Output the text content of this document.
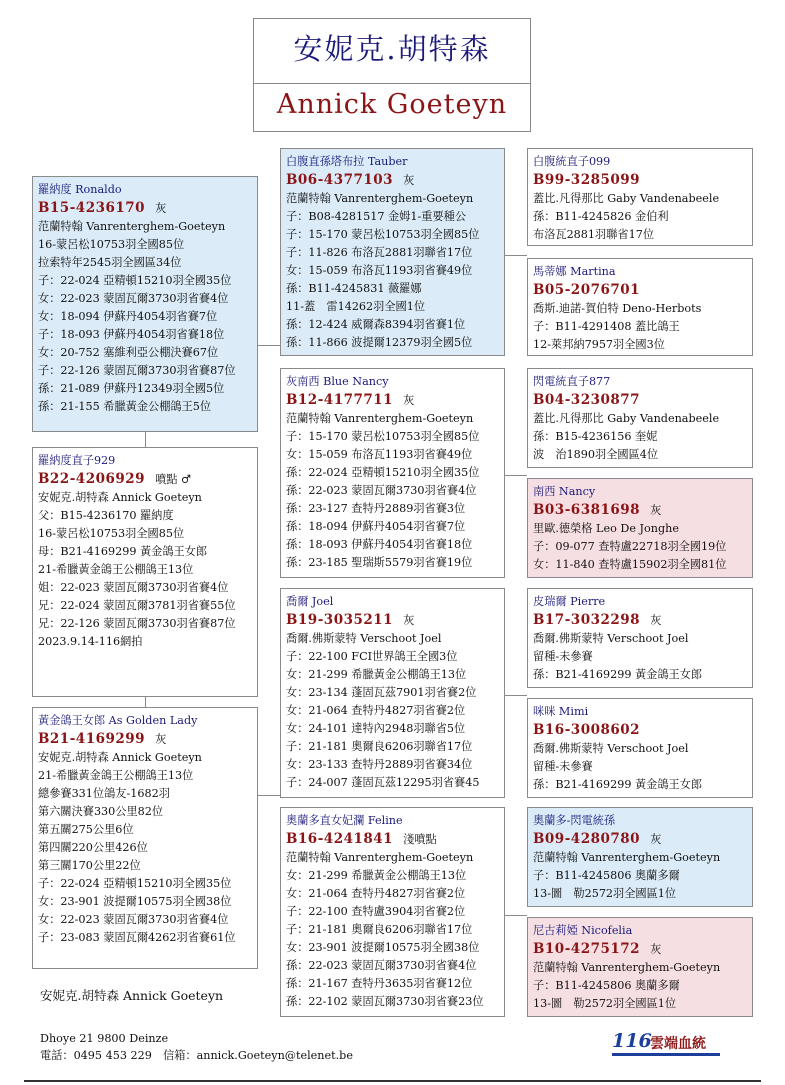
安妮克.胡特森
Annick Goeteyn
羅納度 Ronaldo
B15-4236170 灰
范蘭特翰 Vanrenterghem-Goeteyn
16-蒙呂松10753羽全國85位
拉索特年2545羽全國區34位
子：22-024 亞精頓15210羽全國35位
女：22-023 蒙固瓦爾3730羽省賽4位
女：18-094 伊蘇丹4054羽省賽7位
子：18-093 伊蘇丹4054羽省賽18位
女：20-752 塞維利亞公棚決賽67位
子：22-126 蒙固瓦爾3730羽省賽87位
孫：21-089 伊蘇丹12349羽全國5位
孫：21-155 希臘黃金公棚鴿王5位
羅納度直子929
B22-4206929 噴點 ♂
安妮克.胡特森 Annick Goeteyn
父：B15-4236170 羅納度
16-蒙呂松10753羽全國85位
母：B21-4169299 黃金鴿王女郎
21-希臘黃金鴿王公棚鴿王13位
姐：22-023 蒙固瓦爾3730羽省賽4位
兄：22-024 蒙固瓦爾3781羽省賽55位
兄：22-126 蒙固瓦爾3730羽省賽87位
2023.9.14-116網拍
黃金鴿王女郎 As Golden Lady
B21-4169299 灰
安妮克.胡特森 Annick Goeteyn
21-希臘黃金鴿王公棚鴿王13位
總參賽331位鴿友-1682羽
第六關決賽330公里82位
第五關275公里6位
第四關220公里426位
第三關170公里22位
子：22-024 亞精頓15210羽全國35位
女：23-901 波提爾10575羽全國38位
女：22-023 蒙固瓦爾3730羽省賽4位
子：23-083 蒙固瓦爾4262羽省賽61位
白腹直孫塔布拉 Tauber
B06-4377103 灰
范蘭特翰 Vanrenterghem-Goeteyn
子：B08-4281517 金姆1-重要種公
子：15-170 蒙呂松10753羽全國85位
子：11-826 布洛瓦2881羽聯省17位
女：15-059 布洛瓦1193羽省賽49位
孫：B11-4245831 薇羅娜
11-蓋　雷14262羽全國1位
孫：12-424 威爾森8394羽省賽1位
孫：11-866 波提爾12379羽全國5位
灰南西 Blue Nancy
B12-4177711 灰
范蘭特翰 Vanrenterghem-Goeteyn
子：15-170 蒙呂松10753羽全國85位
女：15-059 布洛瓦1193羽省賽49位
孫：22-024 亞精頓15210羽全國35位
孫：22-023 蒙固瓦爾3730羽省賽4位
孫：23-127 查特丹2889羽省賽3位
孫：18-094 伊蘇丹4054羽省賽7位
孫：18-093 伊蘇丹4054羽省賽18位
孫：23-185 聖瑞斯5579羽省賽19位
喬爾 Joel
B19-3035211 灰
喬爾.佛斯蒙特 Verschoot Joel
子：22-100 FCI世界鴿王全國3位
女：21-299 希臘黃金公棚鴿王13位
女：23-134 蓬固瓦茲7901羽省賽2位
女：21-064 查特丹4827羽省賽2位
女：24-101 達特內2948羽聯省5位
子：21-181 奧爾良6206羽聯省17位
女：23-133 查特丹2889羽省賽34位
子：24-007 蓬固瓦茲12295羽省賽45
奧蘭多直女妃瀾 Feline
B16-4241841 淺噴點
范蘭特翰 Vanrenterghem-Goeteyn
女：21-299 希臘黃金公棚鴿王13位
女：21-064 查特丹4827羽省賽2位
子：22-100 查特盧3904羽省賽2位
子：21-181 奧爾良6206羽聯省17位
女：23-901 波提爾10575羽全國38位
孫：22-023 蒙固瓦爾3730羽省賽4位
孫：21-167 查特丹3635羽省賽12位
孫：22-102 蒙固瓦爾3730羽省賽23位
白腹統直子099
B99-3285099
蓋比.凡得那比 Gaby Vandenabeele
孫：B11-4245826 金伯利
布洛瓦2881羽聯省17位
馬蒂娜 Martina
B05-2076701
喬斯.迪諾-賀伯特 Deno-Herbots
子：B11-4291408 蓋比鴿王
12-萊邦納7957羽全國3位
閃電統直子877
B04-3230877
蓋比.凡得那比 Gaby Vandenabeele
孫：B15-4236156 奎妮
波　治1890羽全國區4位
南西 Nancy
B03-6381698 灰
里歐.德榮格 Leo De Jonghe
子：09-077 查特盧22718羽全國19位
女：11-840 查特盧15902羽全國81位
皮瑞爾 Pierre
B17-3032298 灰
喬爾.佛斯蒙特 Verschoot Joel
留種-未參賽
孫：B21-4169299 黃金鴿王女郎
咪咪 Mimi
B16-3008602
喬爾.佛斯蒙特 Verschoot Joel
留種-未參賽
孫：B21-4169299 黃金鴿王女郎
奧蘭多-閃電統孫
B09-4280780 灰
范蘭特翰 Vanrenterghem-Goeteyn
子：B11-4245806 奧蘭多爾
13-圖　勒2572羽全國區1位
尼古莉婭 Nicofelia
B10-4275172 灰
范蘭特翰 Vanrenterghem-Goeteyn
子：B11-4245806 奧蘭多爾
13-圖　勒2572羽全國區1位
安妮克.胡特森 Annick Goeteyn
Dhoye 21 9800 Deinze
電話：0495 453 229　信箱：annick.Goeteyn@telenet.be
116
雲端血統
